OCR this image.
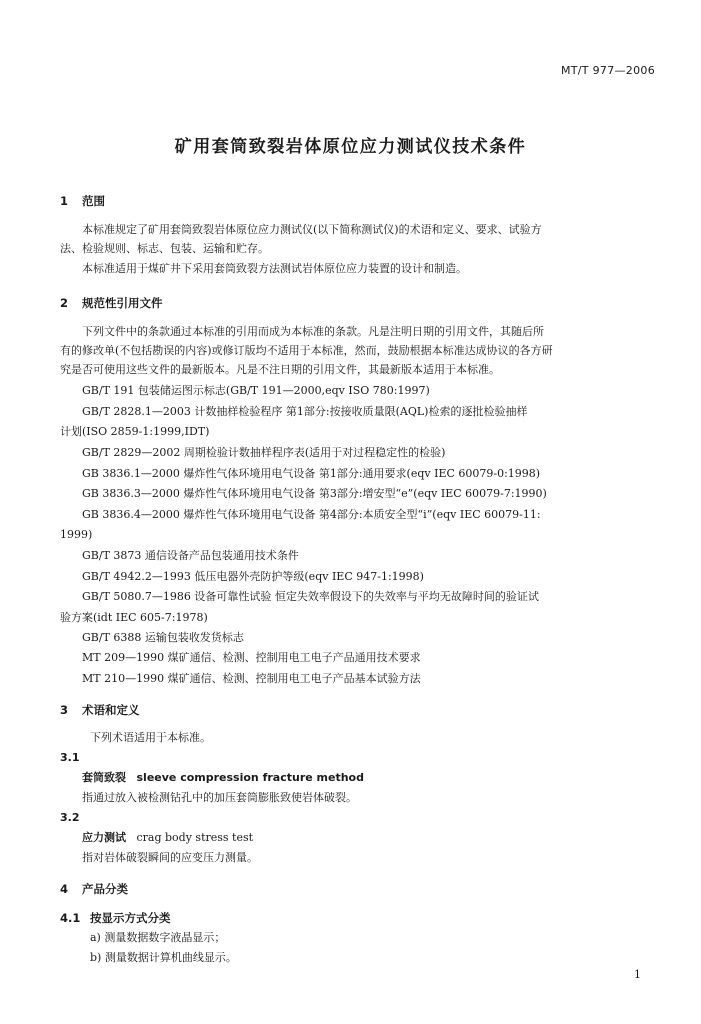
MT/T 977—2006
矿用套筒致裂岩体原位应力测试仪技术条件
1 范围
本标准规定了矿用套筒致裂岩体原位应力测试仪(以下简称测试仪)的术语和定义、要求、试验方
法、检验规则、标志、包装、运输和贮存。
本标准适用于煤矿井下采用套筒致裂方法测试岩体原位应力装置的设计和制造。
2 规范性引用文件
下列文件中的条款通过本标准的引用而成为本标准的条款。凡是注明日期的引用文件，其随后所
有的修改单(不包括勘误的内容)或修订版均不适用于本标准，然而，鼓励根据本标准达成协议的各方研
究是否可使用这些文件的最新版本。凡是不注日期的引用文件，其最新版本适用于本标准。
GB/T 191 包装储运图示标志(GB/T 191—2000,eqv ISO 780:1997)
GB/T 2828.1—2003 计数抽样检验程序 第1部分:按接收质量限(AQL)检索的逐批检验抽样
计划(ISO 2859-1:1999,IDT)
GB/T 2829—2002 周期检验计数抽样程序表(适用于对过程稳定性的检验)
GB 3836.1—2000 爆炸性气体环境用电气设备 第1部分:通用要求(eqv IEC 60079-0:1998)
GB 3836.3—2000 爆炸性气体环境用电气设备 第3部分:增安型“e”(eqv IEC 60079-7:1990)
GB 3836.4—2000 爆炸性气体环境用电气设备 第4部分:本质安全型“i”(eqv IEC 60079-11:
1999)
GB/T 3873 通信设备产品包装通用技术条件
GB/T 4942.2—1993 低压电器外壳防护等级(eqv IEC 947-1:1998)
GB/T 5080.7—1986 设备可靠性试验 恒定失效率假设下的失效率与平均无故障时间的验证试
验方案(idt IEC 605-7:1978)
GB/T 6388 运输包装收发货标志
MT 209—1990 煤矿通信、检测、控制用电工电子产品通用技术要求
MT 210—1990 煤矿通信、检测、控制用电工电子产品基本试验方法
3 术语和定义
下列术语适用于本标准。
3.1
套筒致裂 sleeve compression fracture method
指通过放入被检测钻孔中的加压套筒膨胀致使岩体破裂。
3.2
应力测试 crag body stress test
指对岩体破裂瞬间的应变压力测量。
4 产品分类
4.1 按显示方式分类
a) 测量数据数字液晶显示；
b) 测量数据计算机曲线显示。
1
